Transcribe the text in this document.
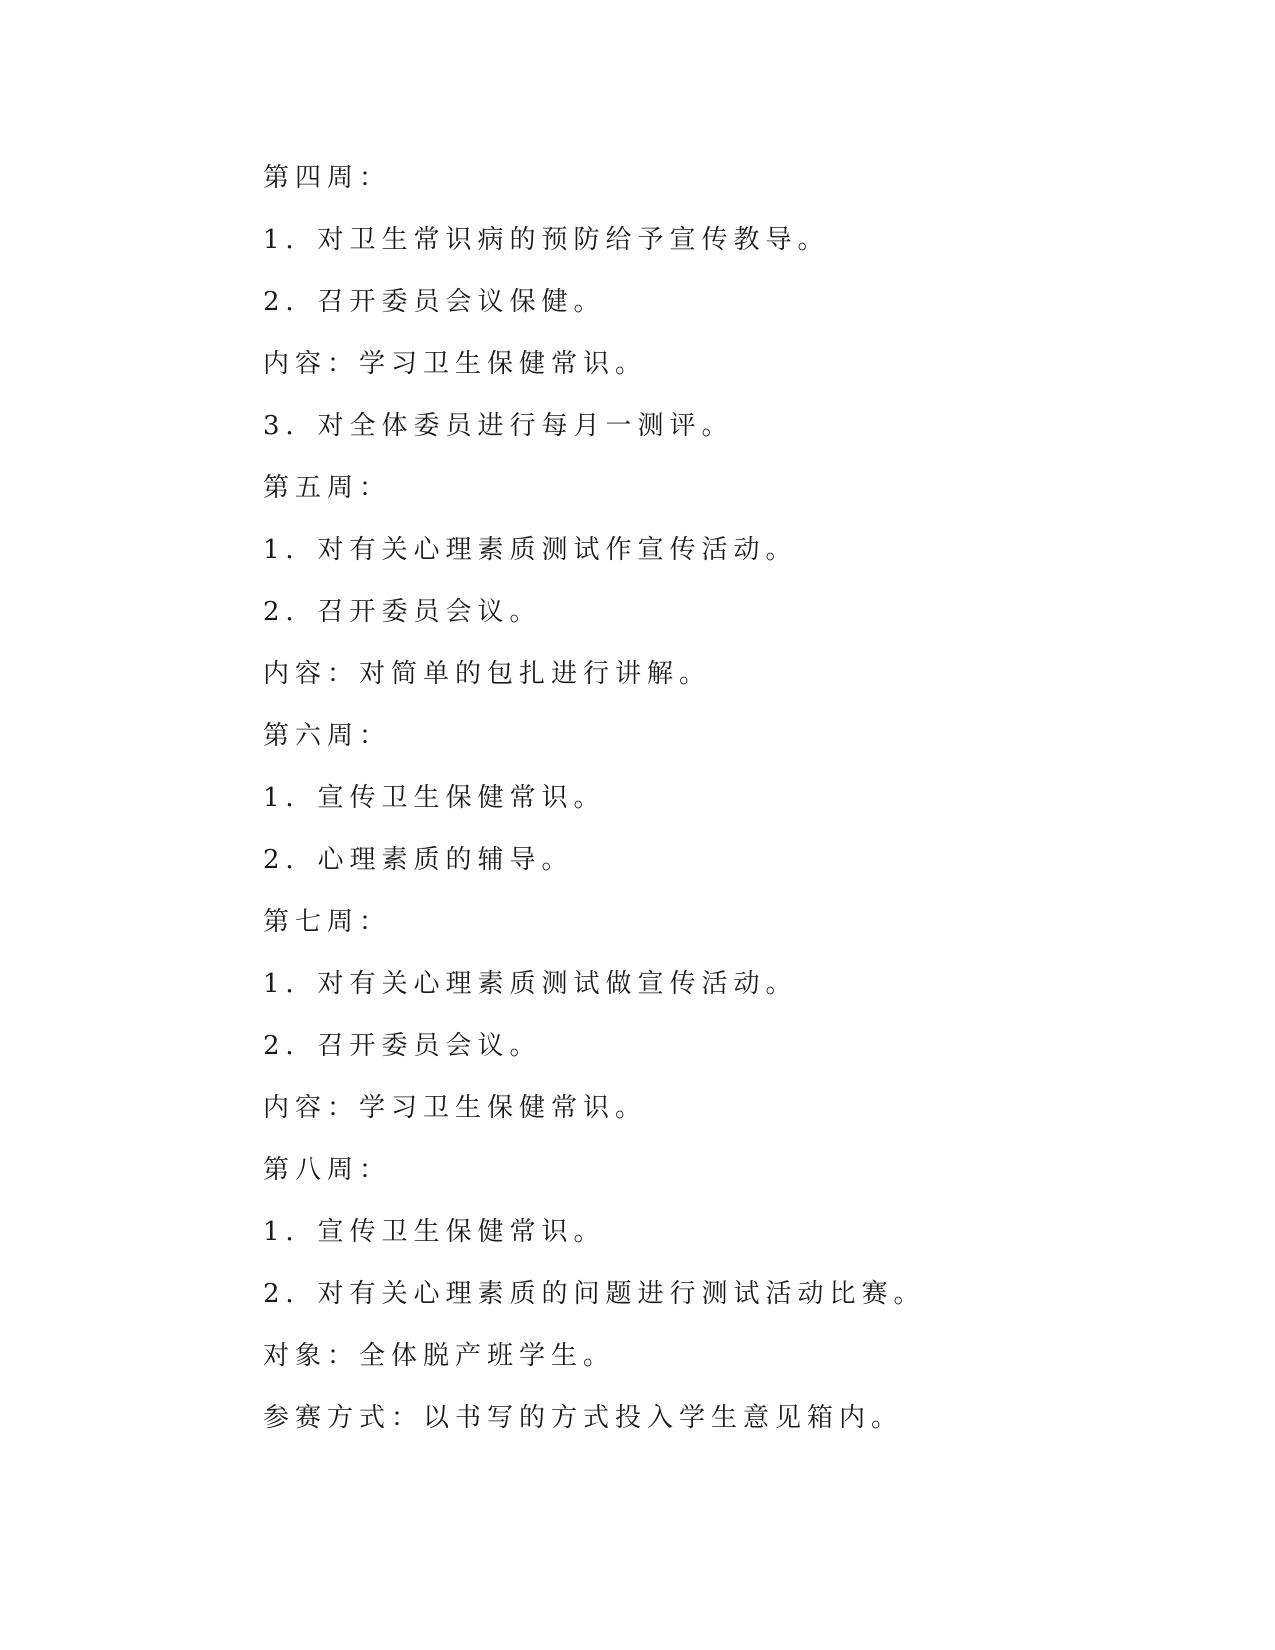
第四周：

1．对卫生常识病的预防给予宣传教导。

2．召开委员会议保健。

内容：学习卫生保健常识。

3．对全体委员进行每月一测评。

第五周：

1．对有关心理素质测试作宣传活动。

2．召开委员会议。

内容：对简单的包扎进行讲解。

第六周：

1．宣传卫生保健常识。

2．心理素质的辅导。

第七周：

1．对有关心理素质测试做宣传活动。

2．召开委员会议。

内容：学习卫生保健常识。

第八周：

1．宣传卫生保健常识。

2．对有关心理素质的问题进行测试活动比赛。

对象：全体脱产班学生。

参赛方式：以书写的方式投入学生意见箱内。
